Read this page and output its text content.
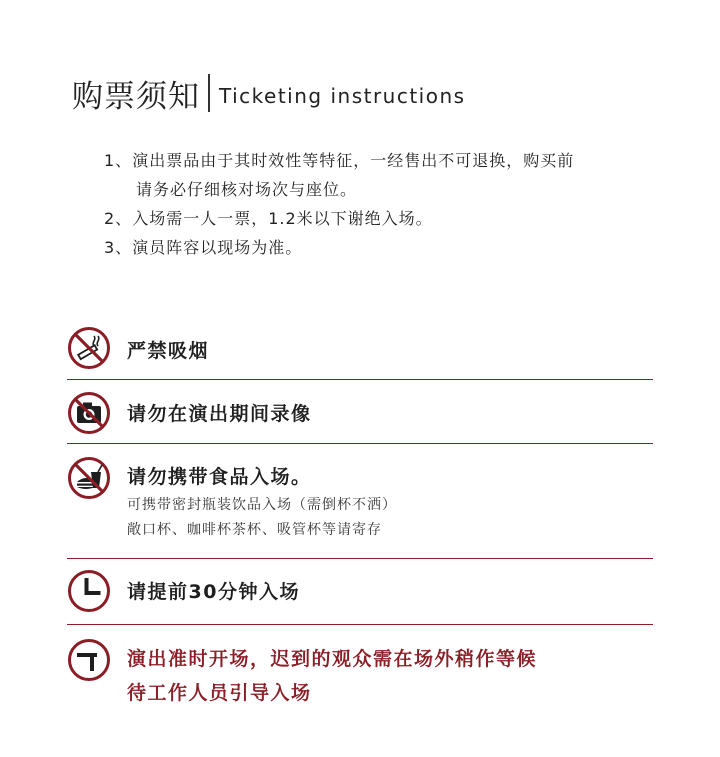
购票须知 Ticketing instructions
1、演出票品由于其时效性等特征，一经售出不可退换，购买前
请务必仔细核对场次与座位。
2、入场需一人一票，1.2米以下谢绝入场。
3、演员阵容以现场为准。
严禁吸烟
请勿在演出期间录像
请勿携带食品入场。
可携带密封瓶装饮品入场（需倒杯不洒）
敞口杯、咖啡杯茶杯、吸管杯等请寄存
请提前30分钟入场
演出准时开场，迟到的观众需在场外稍作等候
待工作人员引导入场
